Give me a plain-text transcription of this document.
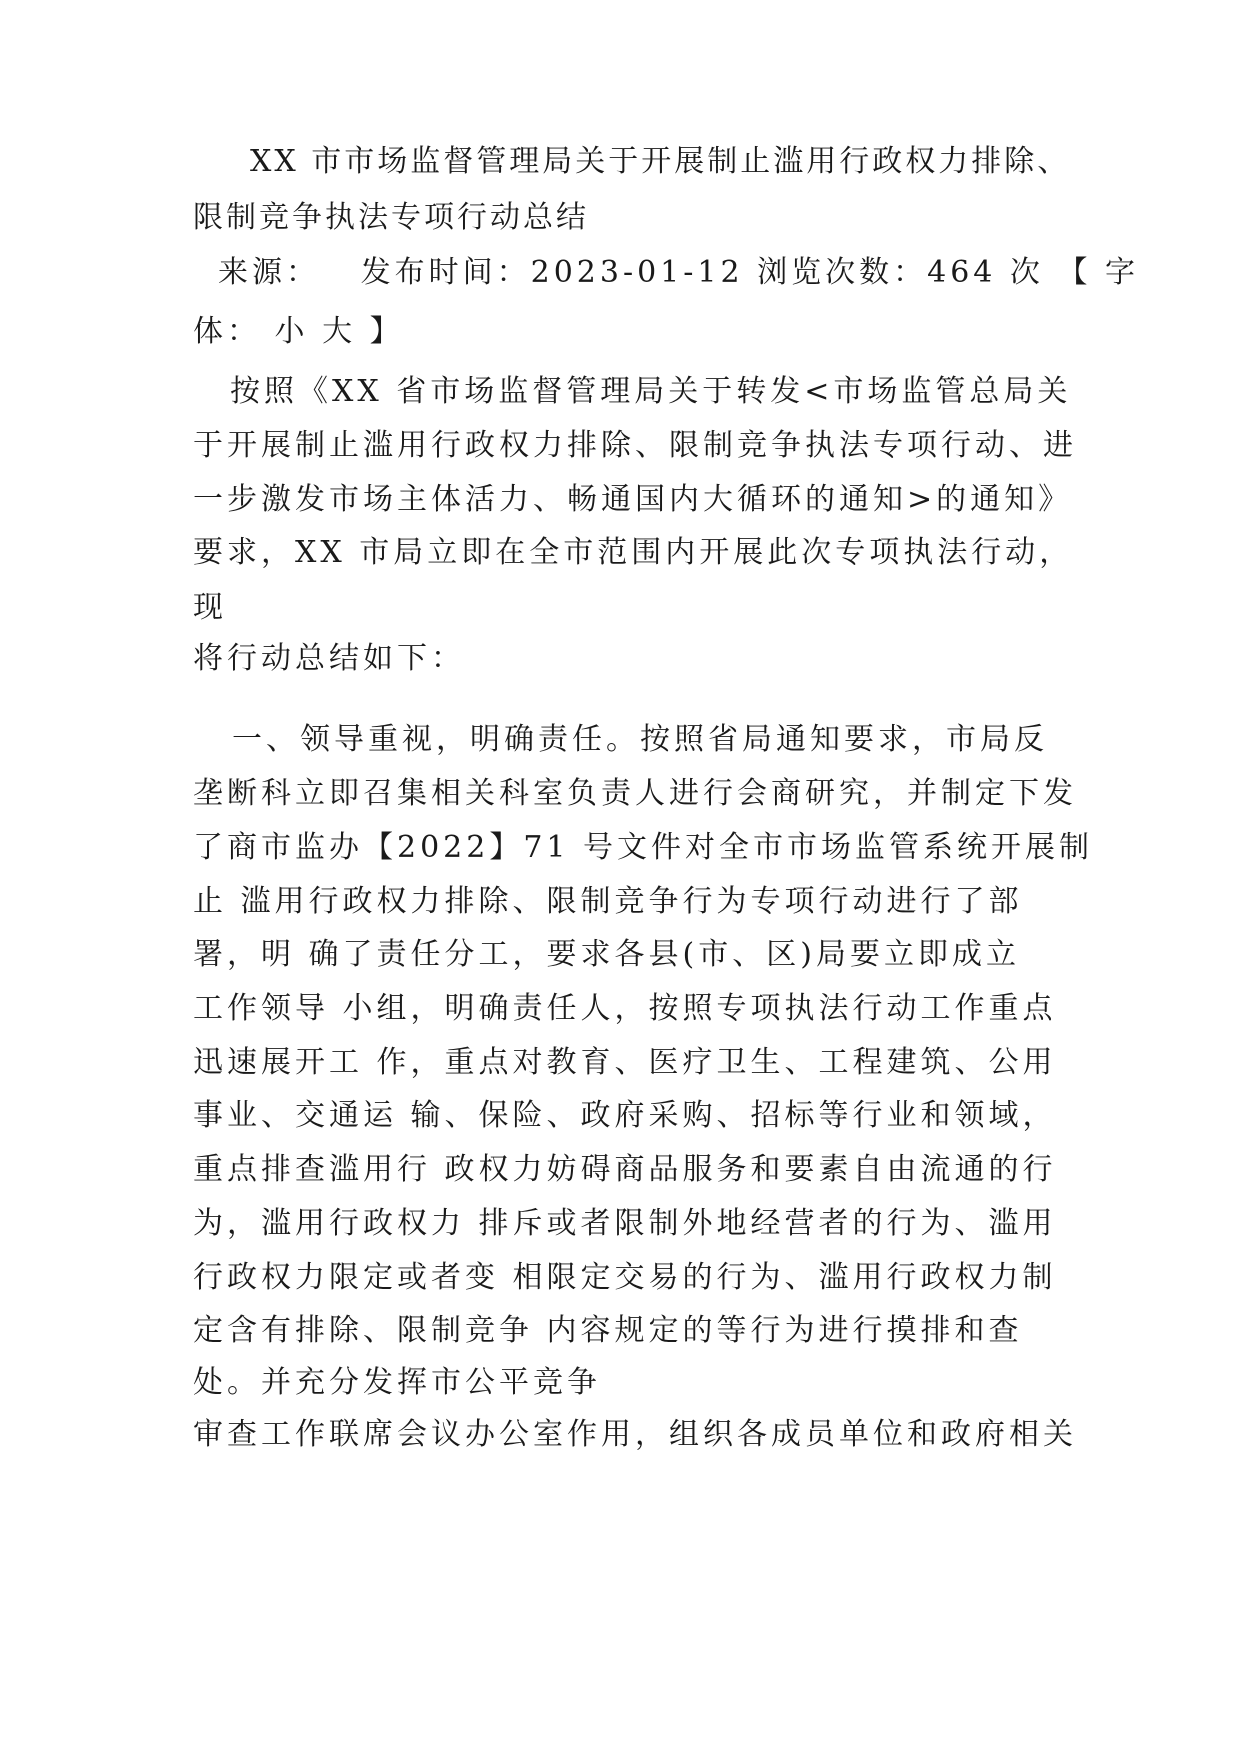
XX 市市场监督管理局关于开展制止滥用行政权力排除、
限制竞争执法专项行动总结
来源：   发布时间：2023-01-12 浏览次数：464 次 【 字
体： 小 大 】
按照《XX 省市场监督管理局关于转发<市场监管总局关
于开展制止滥用行政权力排除、限制竞争执法专项行动、进
一步激发市场主体活力、畅通国内大循环的通知>的通知》
要求，XX 市局立即在全市范围内开展此次专项执法行动，
现
将行动总结如下：
一、领导重视，明确责任。按照省局通知要求，市局反
垄断科立即召集相关科室负责人进行会商研究，并制定下发
了商市监办【2022】71 号文件对全市市场监管系统开展制
止 滥用行政权力排除、限制竞争行为专项行动进行了部
署，明 确了责任分工，要求各县(市、区)局要立即成立
工作领导 小组，明确责任人，按照专项执法行动工作重点
迅速展开工 作，重点对教育、医疗卫生、工程建筑、公用
事业、交通运 输、保险、政府采购、招标等行业和领域，
重点排查滥用行 政权力妨碍商品服务和要素自由流通的行
为，滥用行政权力 排斥或者限制外地经营者的行为、滥用
行政权力限定或者变 相限定交易的行为、滥用行政权力制
定含有排除、限制竞争 内容规定的等行为进行摸排和查
处。并充分发挥市公平竞争
审查工作联席会议办公室作用，组织各成员单位和政府相关
